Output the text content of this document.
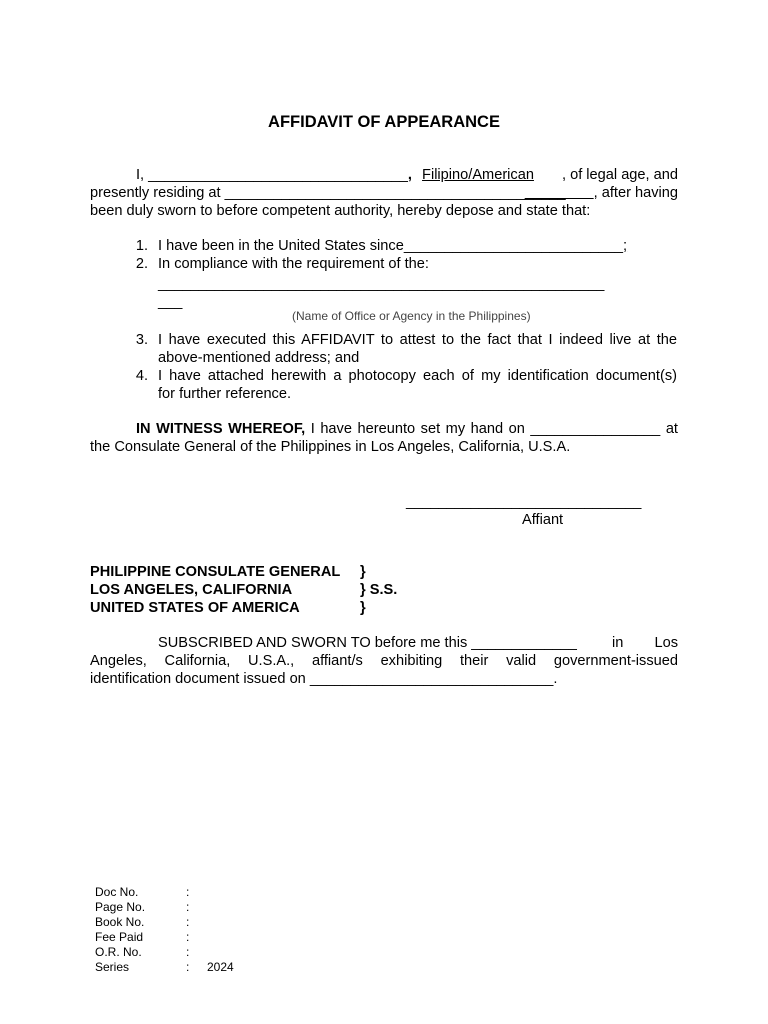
AFFIDAVIT OF APPEARANCE
I, ________________________________, Filipino/American , of legal age, and
presently residing at __________________________________________	, after having
been duly sworn to before competent authority, hereby depose and state that:
1. I have been in the United States since___________________________;
2. In compliance with the requirement of the:
_______________________________________________________
___
(Name of Office or Agency in the Philippines)
3. I have executed this AFFIDAVIT to attest to the fact that I indeed live at the
above-mentioned address; and
4. I have attached herewith a photocopy each of my identification document(s)
for further reference.
IN WITNESS WHEREOF, I have hereunto set my hand on ________________ at
the Consulate General of the Philippines in Los Angeles, California, U.S.A.
_____________________________
Affiant
PHILIPPINE CONSULATE GENERAL }
LOS ANGELES, CALIFORNIA	} S.S.
UNITED STATES OF AMERICA	}
SUBSCRIBED AND SWORN TO before me this _____________ in Los
Angeles, California, U.S.A., affiant/s exhibiting their valid government-issued
identification document issued on ______________________________.
Doc No.	:
Page No.	:
Book No.	:
Fee Paid	:
O.R. No.	:
Series	: 2024
